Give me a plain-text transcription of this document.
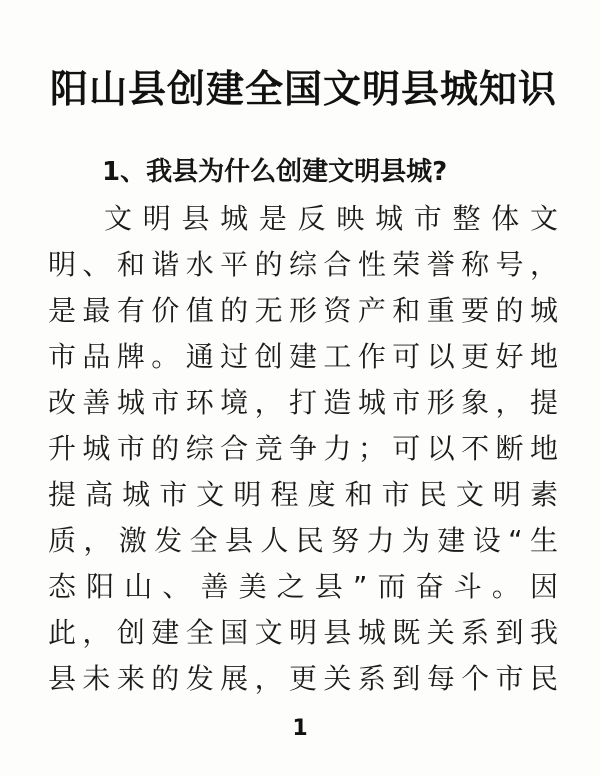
阳山县创建全国文明县城知识
1、我县为什么创建文明县城?
文明县城是反映城市整体文
明、和谐水平的综合性荣誉称号，
是最有价值的无形资产和重要的城
市品牌。通过创建工作可以更好地
改善城市环境，打造城市形象，提
升城市的综合竞争力；可以不断地
提高城市文明程度和市民文明素
质，激发全县人民努力为建设“生
态阳山、善美之县”而奋斗。因
此，创建全国文明县城既关系到我
县未来的发展，更关系到每个市民
1
